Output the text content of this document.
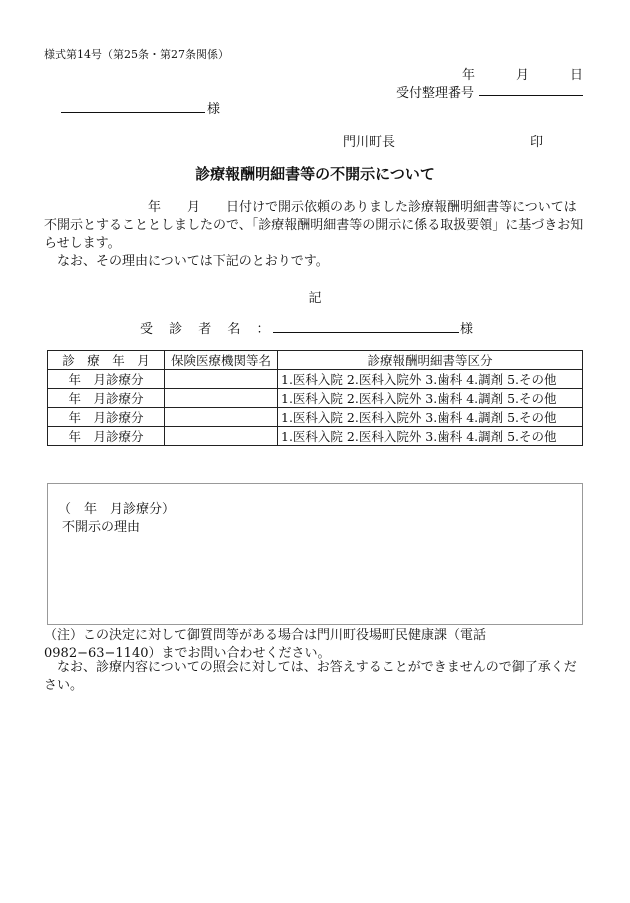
様式第14号（第25条・第27条関係）
年	月	日
受付整理番号
様
門川町長	印
診療報酬明細書等の不開示について
　　　　　　　　年　　月　　日付けで開示依頼のありました診療報酬明細書等については不開示とすることとしましたので、「診療報酬明細書等の開示に係る取扱要領」に基づきお知らせします。
　なお、その理由については下記のとおりです。
記
受 診 者 名 ：	様
診　療　年　月	保険医療機関等名	診療報酬明細書等区分
年　月診療分		1.医科入院 2.医科入院外 3.歯科 4.調剤 5.その他
年　月診療分		1.医科入院 2.医科入院外 3.歯科 4.調剤 5.その他
年　月診療分		1.医科入院 2.医科入院外 3.歯科 4.調剤 5.その他
年　月診療分		1.医科入院 2.医科入院外 3.歯科 4.調剤 5.その他
（　年　月診療分）
不開示の理由
（注）この決定に対して御質問等がある場合は門川町役場町民健康課（電話0982−63−1140）までお問い合わせください。
　なお、診療内容についての照会に対しては、お答えすることができませんので御了承ください。
